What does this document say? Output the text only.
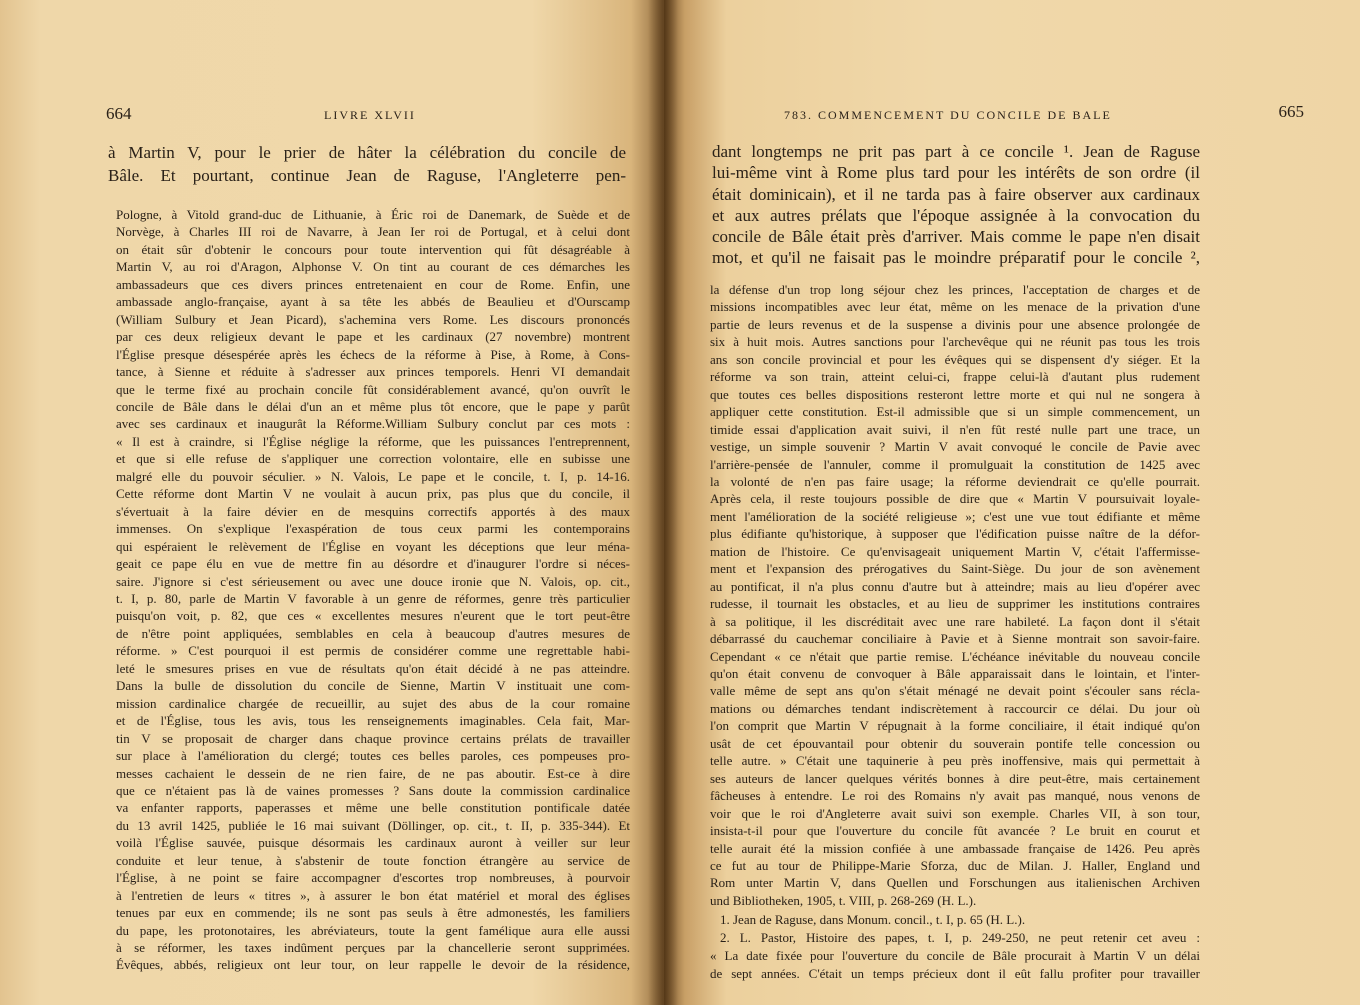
664	LIVRE XLVII
à Martin V, pour le prier de hâter la célébration du concile de
Bâle. Et pourtant, continue Jean de Raguse, l'Angleterre pen-
Pologne, à Vitold grand-duc de Lithuanie, à Éric roi de Danemark, de Suède et de
Norvège, à Charles III roi de Navarre, à Jean Ier roi de Portugal, et à celui dont
on était sûr d'obtenir le concours pour toute intervention qui fût désagréable à
Martin V, au roi d'Aragon, Alphonse V. On tint au courant de ces démarches les
ambassadeurs que ces divers princes entretenaient en cour de Rome. Enfin, une
ambassade anglo-française, ayant à sa tête les abbés de Beaulieu et d'Ourscamp
(William Sulbury et Jean Picard), s'achemina vers Rome. Les discours prononcés
par ces deux religieux devant le pape et les cardinaux (27 novembre) montrent
l'Église presque désespérée après les échecs de la réforme à Pise, à Rome, à Cons-
tance, à Sienne et réduite à s'adresser aux princes temporels. Henri VI demandait
que le terme fixé au prochain concile fût considérablement avancé, qu'on ouvrît le
concile de Bâle dans le délai d'un an et même plus tôt encore, que le pape y parût
avec ses cardinaux et inaugurât la Réforme.William Sulbury conclut par ces mots :
« Il est à craindre, si l'Église néglige la réforme, que les puissances l'entreprennent,
et que si elle refuse de s'appliquer une correction volontaire, elle en subisse une
malgré elle du pouvoir séculier. » N. Valois, Le pape et le concile, t. I, p. 14-16.
Cette réforme dont Martin V ne voulait à aucun prix, pas plus que du concile, il
s'évertuait à la faire dévier en de mesquins correctifs apportés à des maux
immenses. On s'explique l'exaspération de tous ceux parmi les contemporains
qui espéraient le relèvement de l'Église en voyant les déceptions que leur ména-
geait ce pape élu en vue de mettre fin au désordre et d'inaugurer l'ordre si néces-
saire. J'ignore si c'est sérieusement ou avec une douce ironie que N. Valois, op. cit.,
t. I, p. 80, parle de Martin V favorable à un genre de réformes, genre très particulier
puisqu'on voit, p. 82, que ces « excellentes mesures n'eurent que le tort peut-être
de n'être point appliquées, semblables en cela à beaucoup d'autres mesures de
réforme. » C'est pourquoi il est permis de considérer comme une regrettable habi-
leté le smesures prises en vue de résultats qu'on était décidé à ne pas atteindre.
Dans la bulle de dissolution du concile de Sienne, Martin V instituait une com-
mission cardinalice chargée de recueillir, au sujet des abus de la cour romaine
et de l'Église, tous les avis, tous les renseignements imaginables. Cela fait, Mar-
tin V se proposait de charger dans chaque province certains prélats de travailler
sur place à l'amélioration du clergé; toutes ces belles paroles, ces pompeuses pro-
messes cachaient le dessein de ne rien faire, de ne pas aboutir. Est-ce à dire
que ce n'étaient pas là de vaines promesses ? Sans doute la commission cardinalice
va enfanter rapports, paperasses et même une belle constitution pontificale datée
du 13 avril 1425, publiée le 16 mai suivant (Döllinger, op. cit., t. II, p. 335-344). Et
voilà l'Église sauvée, puisque désormais les cardinaux auront à veiller sur leur
conduite et leur tenue, à s'abstenir de toute fonction étrangère au service de
l'Église, à ne point se faire accompagner d'escortes trop nombreuses, à pourvoir
à l'entretien de leurs « titres », à assurer le bon état matériel et moral des églises
tenues par eux en commende; ils ne sont pas seuls à être admonestés, les familiers
du pape, les protonotaires, les abréviateurs, toute la gent famélique aura elle aussi
à se réformer, les taxes indûment perçues par la chancellerie seront supprimées.
Évêques, abbés, religieux ont leur tour, on leur rappelle le devoir de la résidence,
783. COMMENCEMENT DU CONCILE DE BALE	665
dant longtemps ne prit pas part à ce concile ¹. Jean de Raguse
lui-même vint à Rome plus tard pour les intérêts de son ordre (il
était dominicain), et il ne tarda pas à faire observer aux cardinaux
et aux autres prélats que l'époque assignée à la convocation du
concile de Bâle était près d'arriver. Mais comme le pape n'en disait
mot, et qu'il ne faisait pas le moindre préparatif pour le concile ²,
la défense d'un trop long séjour chez les princes, l'acceptation de charges et de
missions incompatibles avec leur état, même on les menace de la privation d'une
partie de leurs revenus et de la suspense a divinis pour une absence prolongée de
six à huit mois. Autres sanctions pour l'archevêque qui ne réunit pas tous les trois
ans son concile provincial et pour les évêques qui se dispensent d'y siéger. Et la
réforme va son train, atteint celui-ci, frappe celui-là d'autant plus rudement
que toutes ces belles dispositions resteront lettre morte et qui nul ne songera à
appliquer cette constitution. Est-il admissible que si un simple commencement, un
timide essai d'application avait suivi, il n'en fût resté nulle part une trace, un
vestige, un simple souvenir ? Martin V avait convoqué le concile de Pavie avec
l'arrière-pensée de l'annuler, comme il promulguait la constitution de 1425 avec
la volonté de n'en pas faire usage; la réforme deviendrait ce qu'elle pourrait.
Après cela, il reste toujours possible de dire que « Martin V poursuivait loyale-
ment l'amélioration de la société religieuse »; c'est une vue tout édifiante et même
plus édifiante qu'historique, à supposer que l'édification puisse naître de la défor-
mation de l'histoire. Ce qu'envisageait uniquement Martin V, c'était l'affermisse-
ment et l'expansion des prérogatives du Saint-Siège. Du jour de son avènement
au pontificat, il n'a plus connu d'autre but à atteindre; mais au lieu d'opérer avec
rudesse, il tournait les obstacles, et au lieu de supprimer les institutions contraires
à sa politique, il les discréditait avec une rare habileté. La façon dont il s'était
débarrassé du cauchemar conciliaire à Pavie et à Sienne montrait son savoir-faire.
Cependant « ce n'était que partie remise. L'échéance inévitable du nouveau concile
qu'on était convenu de convoquer à Bâle apparaissait dans le lointain, et l'inter-
valle même de sept ans qu'on s'était ménagé ne devait point s'écouler sans récla-
mations ou démarches tendant indiscrètement à raccourcir ce délai. Du jour où
l'on comprit que Martin V répugnait à la forme conciliaire, il était indiqué qu'on
usât de cet épouvantail pour obtenir du souverain pontife telle concession ou
telle autre. » C'était une taquinerie à peu près inoffensive, mais qui permettait à
ses auteurs de lancer quelques vérités bonnes à dire peut-être, mais certainement
fâcheuses à entendre. Le roi des Romains n'y avait pas manqué, nous venons de
voir que le roi d'Angleterre avait suivi son exemple. Charles VII, à son tour,
insista-t-il pour que l'ouverture du concile fût avancée ? Le bruit en courut et
telle aurait été la mission confiée à une ambassade française de 1426. Peu après
ce fut au tour de Philippe-Marie Sforza, duc de Milan. J. Haller, England und
Rom unter Martin V, dans Quellen und Forschungen aus italienischen Archiven
und Bibliotheken, 1905, t. VIII, p. 268-269 (H. L.).
1. Jean de Raguse, dans Monum. concil., t. I, p. 65 (H. L.).
2. L. Pastor, Histoire des papes, t. I, p. 249-250, ne peut retenir cet aveu :
« La date fixée pour l'ouverture du concile de Bâle procurait à Martin V un délai
de sept années. C'était un temps précieux dont il eût fallu profiter pour travailler
